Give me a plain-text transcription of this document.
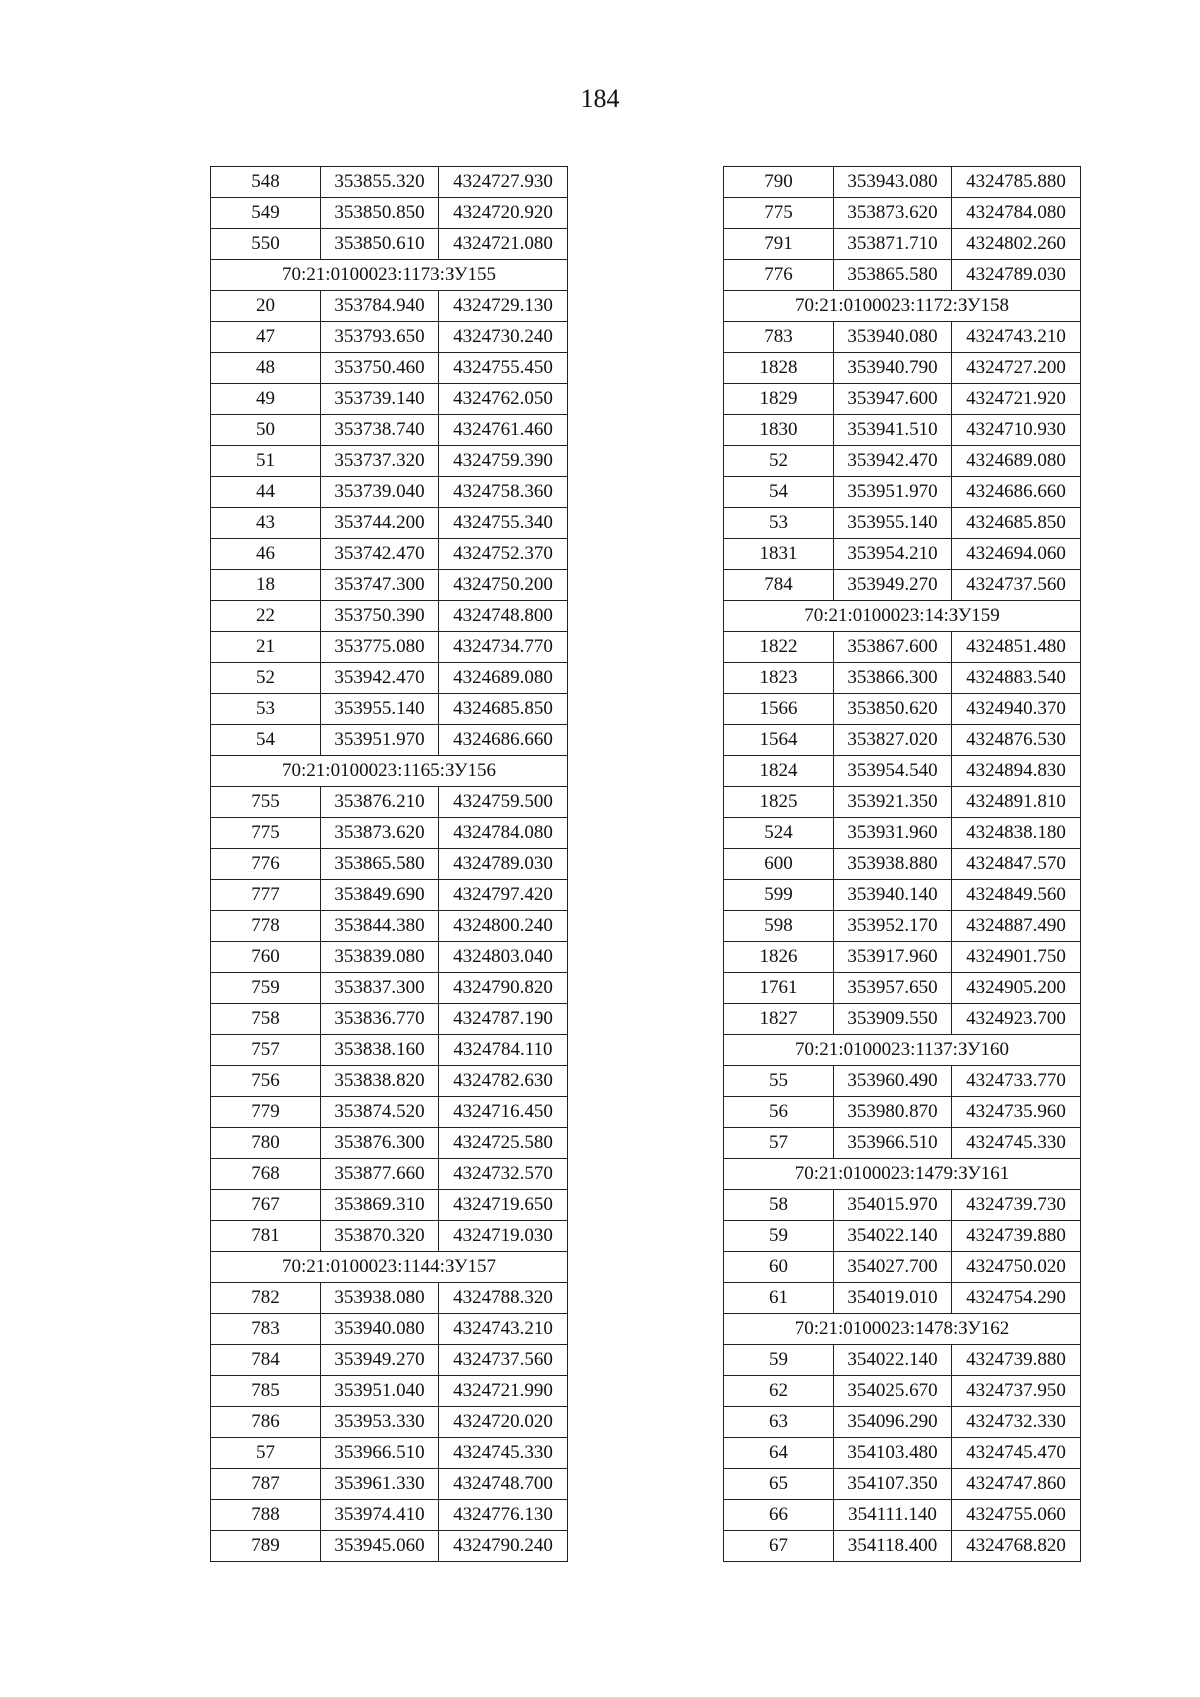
184
548	353855.320	4324727.930
549	353850.850	4324720.920
550	353850.610	4324721.080
70:21:0100023:1173:ЗУ155		
20	353784.940	4324729.130
47	353793.650	4324730.240
48	353750.460	4324755.450
49	353739.140	4324762.050
50	353738.740	4324761.460
51	353737.320	4324759.390
44	353739.040	4324758.360
43	353744.200	4324755.340
46	353742.470	4324752.370
18	353747.300	4324750.200
22	353750.390	4324748.800
21	353775.080	4324734.770
52	353942.470	4324689.080
53	353955.140	4324685.850
54	353951.970	4324686.660
70:21:0100023:1165:ЗУ156		
755	353876.210	4324759.500
775	353873.620	4324784.080
776	353865.580	4324789.030
777	353849.690	4324797.420
778	353844.380	4324800.240
760	353839.080	4324803.040
759	353837.300	4324790.820
758	353836.770	4324787.190
757	353838.160	4324784.110
756	353838.820	4324782.630
779	353874.520	4324716.450
780	353876.300	4324725.580
768	353877.660	4324732.570
767	353869.310	4324719.650
781	353870.320	4324719.030
70:21:0100023:1144:ЗУ157		
782	353938.080	4324788.320
783	353940.080	4324743.210
784	353949.270	4324737.560
785	353951.040	4324721.990
786	353953.330	4324720.020
57	353966.510	4324745.330
787	353961.330	4324748.700
788	353974.410	4324776.130
789	353945.060	4324790.240
790	353943.080	4324785.880
775	353873.620	4324784.080
791	353871.710	4324802.260
776	353865.580	4324789.030
70:21:0100023:1172:ЗУ158		
783	353940.080	4324743.210
1828	353940.790	4324727.200
1829	353947.600	4324721.920
1830	353941.510	4324710.930
52	353942.470	4324689.080
54	353951.970	4324686.660
53	353955.140	4324685.850
1831	353954.210	4324694.060
784	353949.270	4324737.560
70:21:0100023:14:ЗУ159		
1822	353867.600	4324851.480
1823	353866.300	4324883.540
1566	353850.620	4324940.370
1564	353827.020	4324876.530
1824	353954.540	4324894.830
1825	353921.350	4324891.810
524	353931.960	4324838.180
600	353938.880	4324847.570
599	353940.140	4324849.560
598	353952.170	4324887.490
1826	353917.960	4324901.750
1761	353957.650	4324905.200
1827	353909.550	4324923.700
70:21:0100023:1137:ЗУ160		
55	353960.490	4324733.770
56	353980.870	4324735.960
57	353966.510	4324745.330
70:21:0100023:1479:ЗУ161		
58	354015.970	4324739.730
59	354022.140	4324739.880
60	354027.700	4324750.020
61	354019.010	4324754.290
70:21:0100023:1478:ЗУ162		
59	354022.140	4324739.880
62	354025.670	4324737.950
63	354096.290	4324732.330
64	354103.480	4324745.470
65	354107.350	4324747.860
66	354111.140	4324755.060
67	354118.400	4324768.820
